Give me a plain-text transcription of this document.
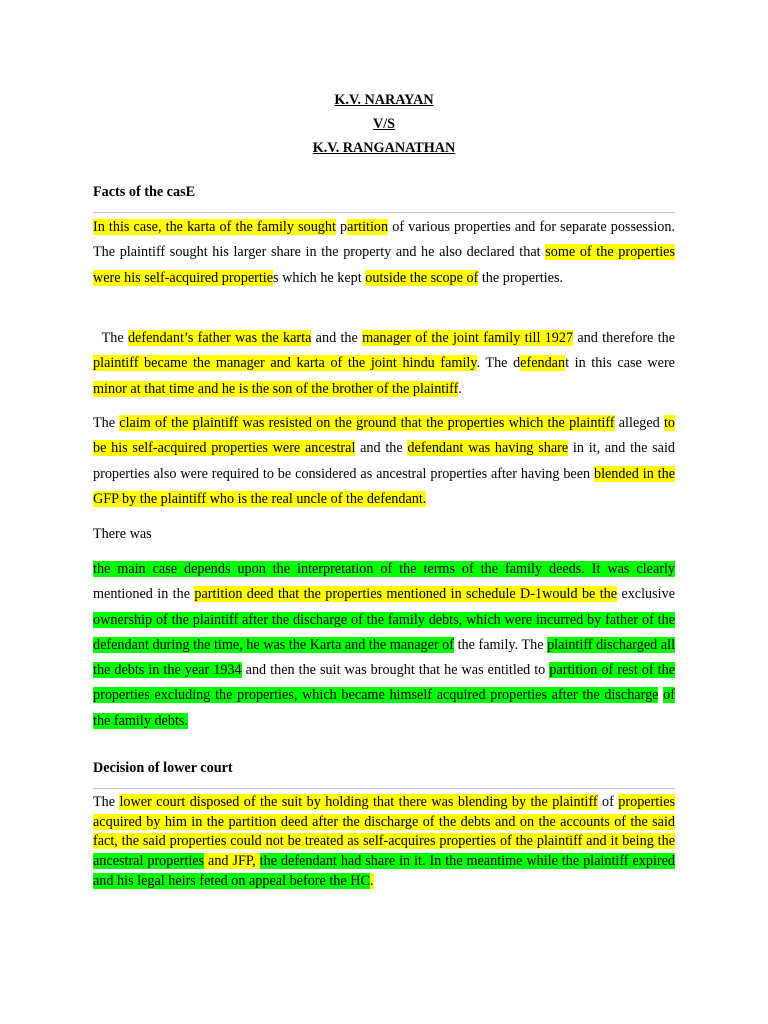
K.V. NARAYAN
V/S
K.V. RANGANATHAN
Facts of the casE
In this case, the karta of the family sought partition of various properties and for separate possession. The plaintiff sought his larger share in the property and he also declared that some of the properties were his self-acquired properties which he kept outside the scope of the properties.
The defendant’s father was the karta and the manager of the joint family till 1927 and therefore the plaintiff became the manager and karta of the joint hindu family. The defendant in this case were minor at that time and he is the son of the brother of the plaintiff.
The claim of the plaintiff was resisted on the ground that the properties which the plaintiff alleged to be his self-acquired properties were ancestral and the defendant was having share in it, and the said properties also were required to be considered as ancestral properties after having been blended in the GFP by the plaintiff who is the real uncle of the defendant.
There was
the main case depends upon the interpretation of the terms of the family deeds. It was clearly mentioned in the partition deed that the properties mentioned in schedule D-1would be the exclusive ownership of the plaintiff after the discharge of the family debts, which were incurred by father of the defendant during the time, he was the Karta and the manager of the family. The plaintiff discharged all the debts in the year 1934 and then the suit was brought that he was entitled to partition of rest of the properties excluding the properties, which became himself acquired properties after the discharge of the family debts.
Decision of lower court
The lower court disposed of the suit by holding that there was blending by the plaintiff of properties acquired by him in the partition deed after the discharge of the debts and on the accounts of the said fact, the said properties could not be treated as self-acquires properties of the plaintiff and it being the ancestral properties and JFP, the defendant had share in it. In the meantime while the plaintiff expired and his legal heirs feted on appeal before the HC.
